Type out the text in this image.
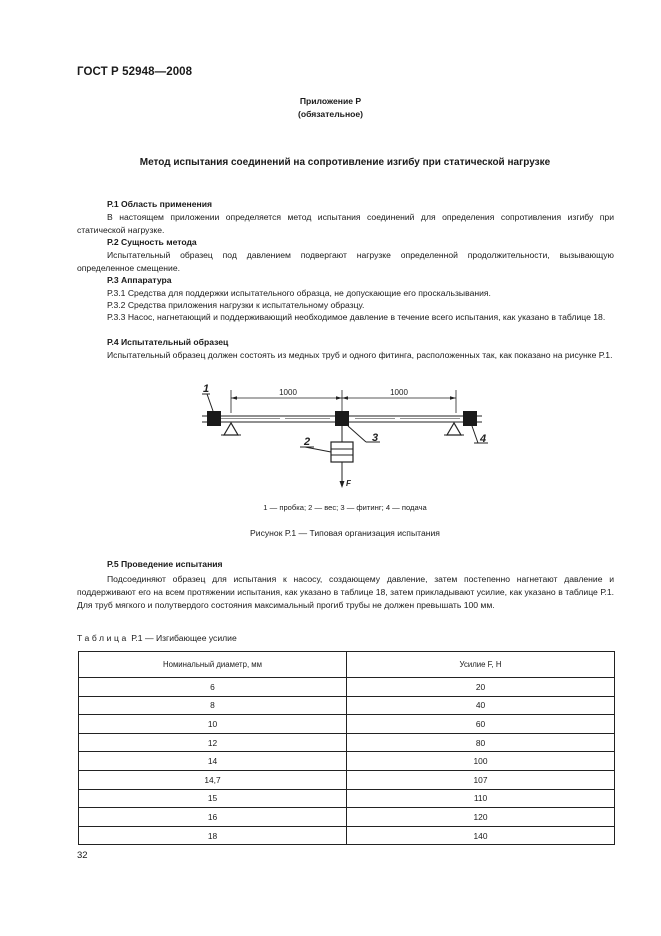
ГОСТ Р 52948—2008
Приложение Р
(обязательное)
Метод испытания соединений на сопротивление изгибу при статической нагрузке
Р.1 Область применения
В настоящем приложении определяется метод испытания соединений для определения сопротивления изгибу при статической нагрузке.
Р.2 Сущность метода
Испытательный образец под давлением подвергают нагрузке определенной продолжительности, вызывающую определенное смещение.
Р.3 Аппаратура
Р.3.1 Средства для поддержки испытательного образца, не допускающие его проскальзывания.
Р.3.2 Средства приложения нагрузки к испытательному образцу.
Р.3.3 Насос, нагнетающий и поддерживающий необходимое давление в течение всего испытания, как указано в таблице 18.
Р.4 Испытательный образец
Испытательный образец должен состоять из медных труб и одного фитинга, расположенных так, как показано на рисунке Р.1.
1000	1000
F
1
2	3	4
1 — пробка; 2 — вес; 3 — фитинг; 4 — подача
Рисунок Р.1 — Типовая организация испытания
Р.5 Проведение испытания
Подсоединяют образец для испытания к насосу, создающему давление, затем постепенно нагнетают давление и поддерживают его на всем протяжении испытания, как указано в таблице 18, затем прикладывают усилие, как указано в таблице Р.1. Для труб мягкого и полутвердого состояния максимальный прогиб трубы не должен превышать 100 мм.
Таблица Р.1 — Изгибающее усилие
Номинальный диаметр, мм	Усилие F, Н
6	20
8	40
10	60
12	80
14	100
14,7	107
15	110
16	120
18	140
32
